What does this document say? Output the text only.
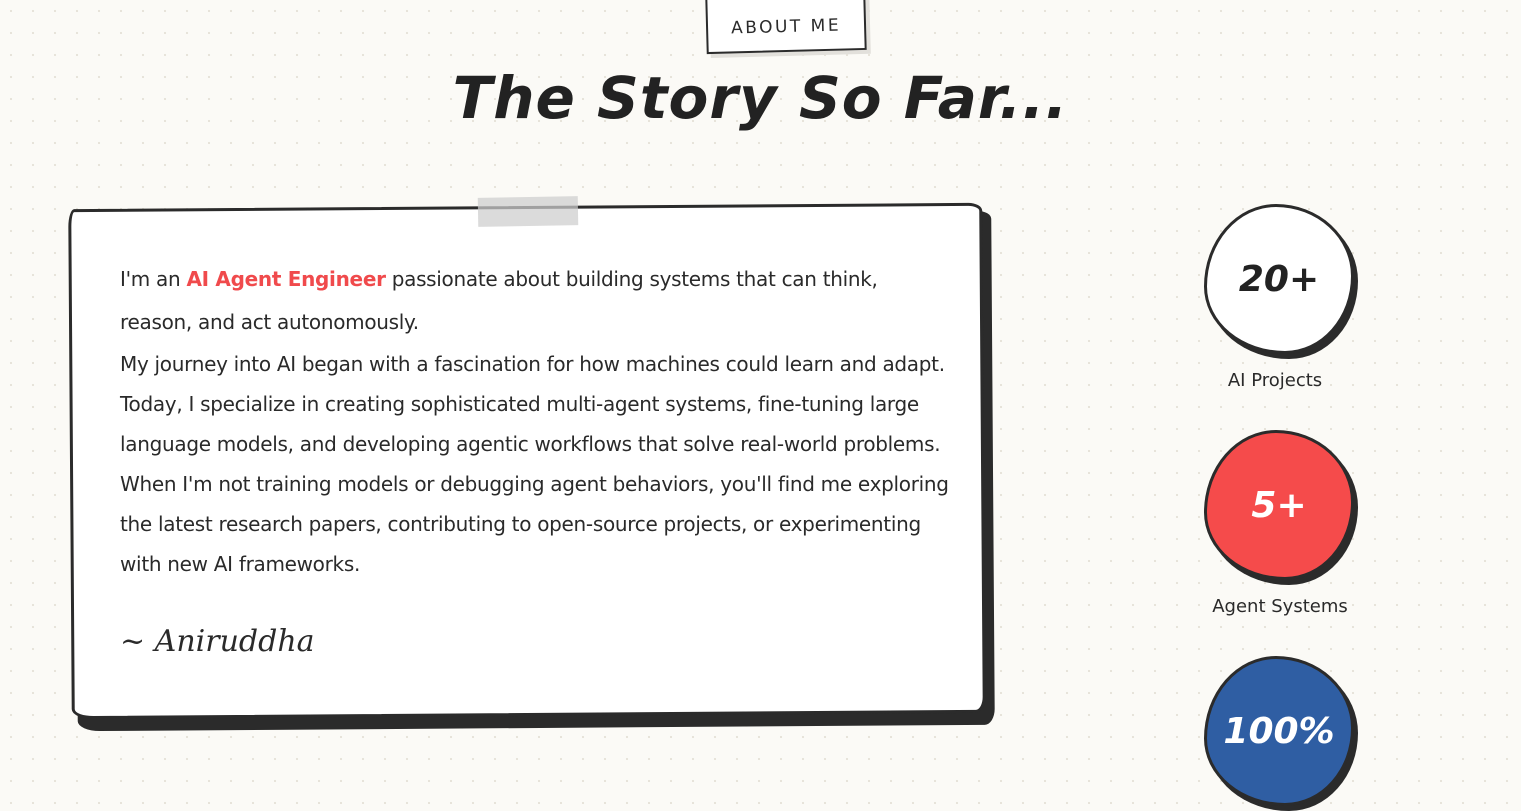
ABOUT ME
The Story So Far...

I'm an AI Agent Engineer passionate about building systems that can think, reason, and act autonomously.

My journey into AI began with a fascination for how machines could learn and adapt. Today, I specialize in creating sophisticated multi-agent systems, fine-tuning large language models, and developing agentic workflows that solve real-world problems.

When I'm not training models or debugging agent behaviors, you'll find me exploring the latest research papers, contributing to open-source projects, or experimenting with new AI frameworks.

~ Aniruddha
20+
AI Projects
5+
Agent Systems
100%
